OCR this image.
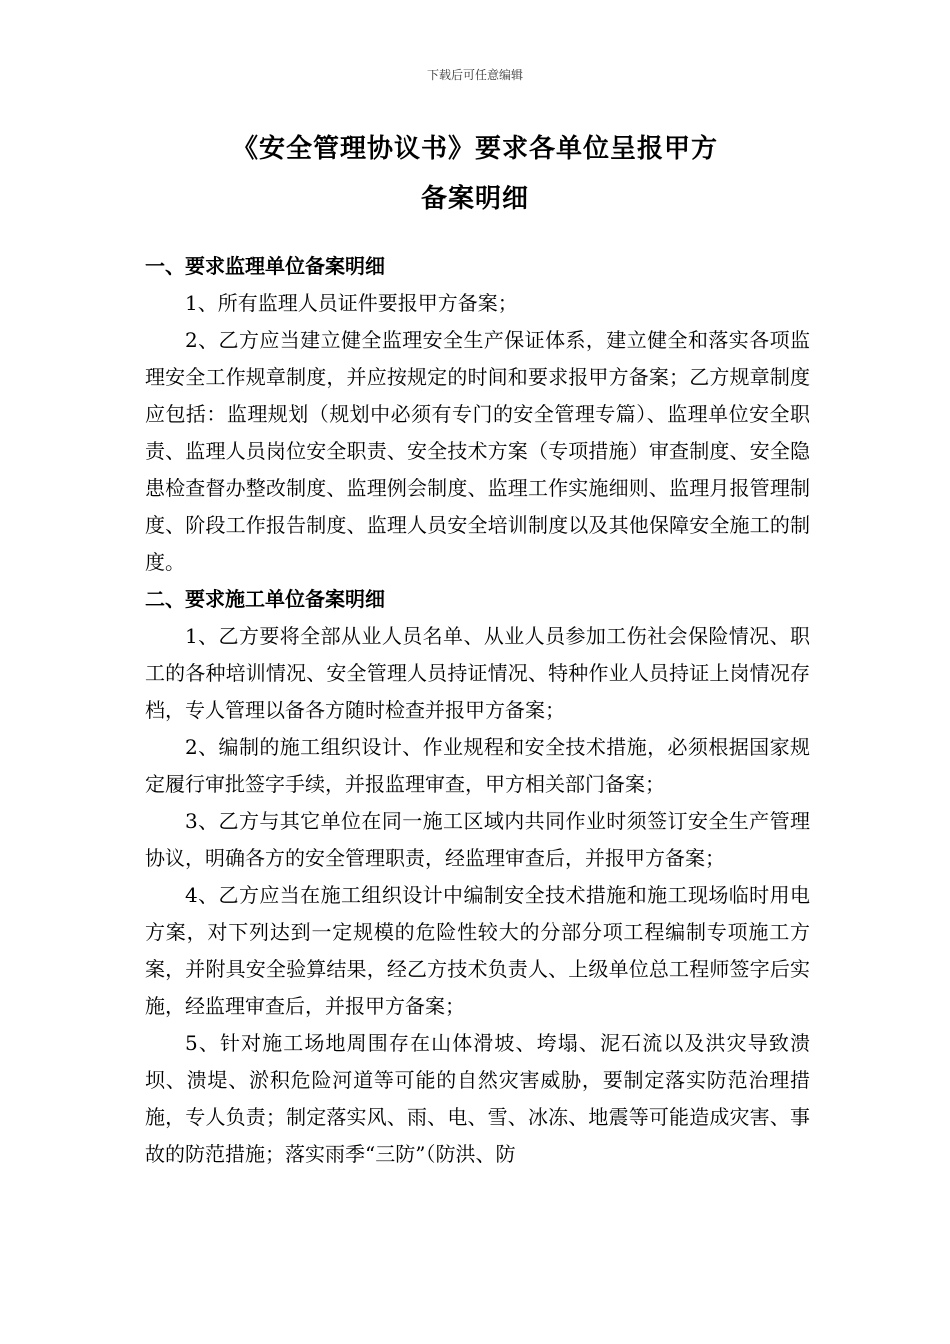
下载后可任意编辑
《安全管理协议书》要求各单位呈报甲方
备案明细

一、要求监理单位备案明细

1、所有监理人员证件要报甲方备案；

2、乙方应当建立健全监理安全生产保证体系，建立健全和落实各项监理安全工作规章制度，并应按规定的时间和要求报甲方备案；乙方规章制度应包括：监理规划（规划中必须有专门的安全管理专篇）、监理单位安全职责、监理人员岗位安全职责、安全技术方案（专项措施）审查制度、安全隐患检查督办整改制度、监理例会制度、监理工作实施细则、监理月报管理制度、阶段工作报告制度、监理人员安全培训制度以及其他保障安全施工的制度。

二、要求施工单位备案明细

1、乙方要将全部从业人员名单、从业人员参加工伤社会保险情况、职工的各种培训情况、安全管理人员持证情况、特种作业人员持证上岗情况存档，专人管理以备各方随时检查并报甲方备案；

2、编制的施工组织设计、作业规程和安全技术措施，必须根据国家规定履行审批签字手续，并报监理审查，甲方相关部门备案；

3、乙方与其它单位在同一施工区域内共同作业时须签订安全生产管理协议，明确各方的安全管理职责，经监理审查后，并报甲方备案；

4、乙方应当在施工组织设计中编制安全技术措施和施工现场临时用电方案，对下列达到一定规模的危险性较大的分部分项工程编制专项施工方案，并附具安全验算结果，经乙方技术负责人、上级单位总工程师签字后实施，经监理审查后，并报甲方备案；

5、针对施工场地周围存在山体滑坡、垮塌、泥石流以及洪灾导致溃坝、溃堤、淤积危险河道等可能的自然灾害威胁，要制定落实防范治理措施，专人负责；制定落实风、雨、电、雪、冰冻、地震等可能造成灾害、事故的防范措施；落实雨季“三防”（防洪、防
